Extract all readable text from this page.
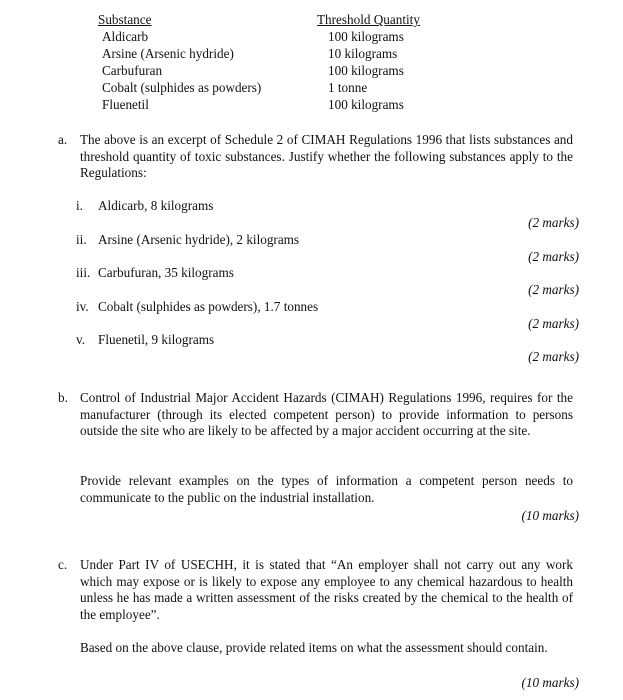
Substance	Threshold Quantity
Aldicarb	100 kilograms
Arsine (Arsenic hydride)	10 kilograms
Carbufuran	100 kilograms
Cobalt (sulphides as powders)	1 tonne
Fluenetil	100 kilograms
a. The above is an excerpt of Schedule 2 of CIMAH Regulations 1996 that lists substances and threshold quantity of toxic substances. Justify whether the following substances apply to the Regulations:
i. Aldicarb, 8 kilograms
(2 marks)
ii. Arsine (Arsenic hydride), 2 kilograms
(2 marks)
iii. Carbufuran, 35 kilograms
(2 marks)
iv. Cobalt (sulphides as powders), 1.7 tonnes
(2 marks)
v. Fluenetil, 9 kilograms
(2 marks)
b. Control of Industrial Major Accident Hazards (CIMAH) Regulations 1996, requires for the manufacturer (through its elected competent person) to provide information to persons outside the site who are likely to be affected by a major accident occurring at the site.
Provide relevant examples on the types of information a competent person needs to communicate to the public on the industrial installation.
(10 marks)
c. Under Part IV of USECHH, it is stated that “An employer shall not carry out any work which may expose or is likely to expose any employee to any chemical hazardous to health unless he has made a written assessment of the risks created by the chemical to the health of the employee”.
Based on the above clause, provide related items on what the assessment should contain.
(10 marks)
